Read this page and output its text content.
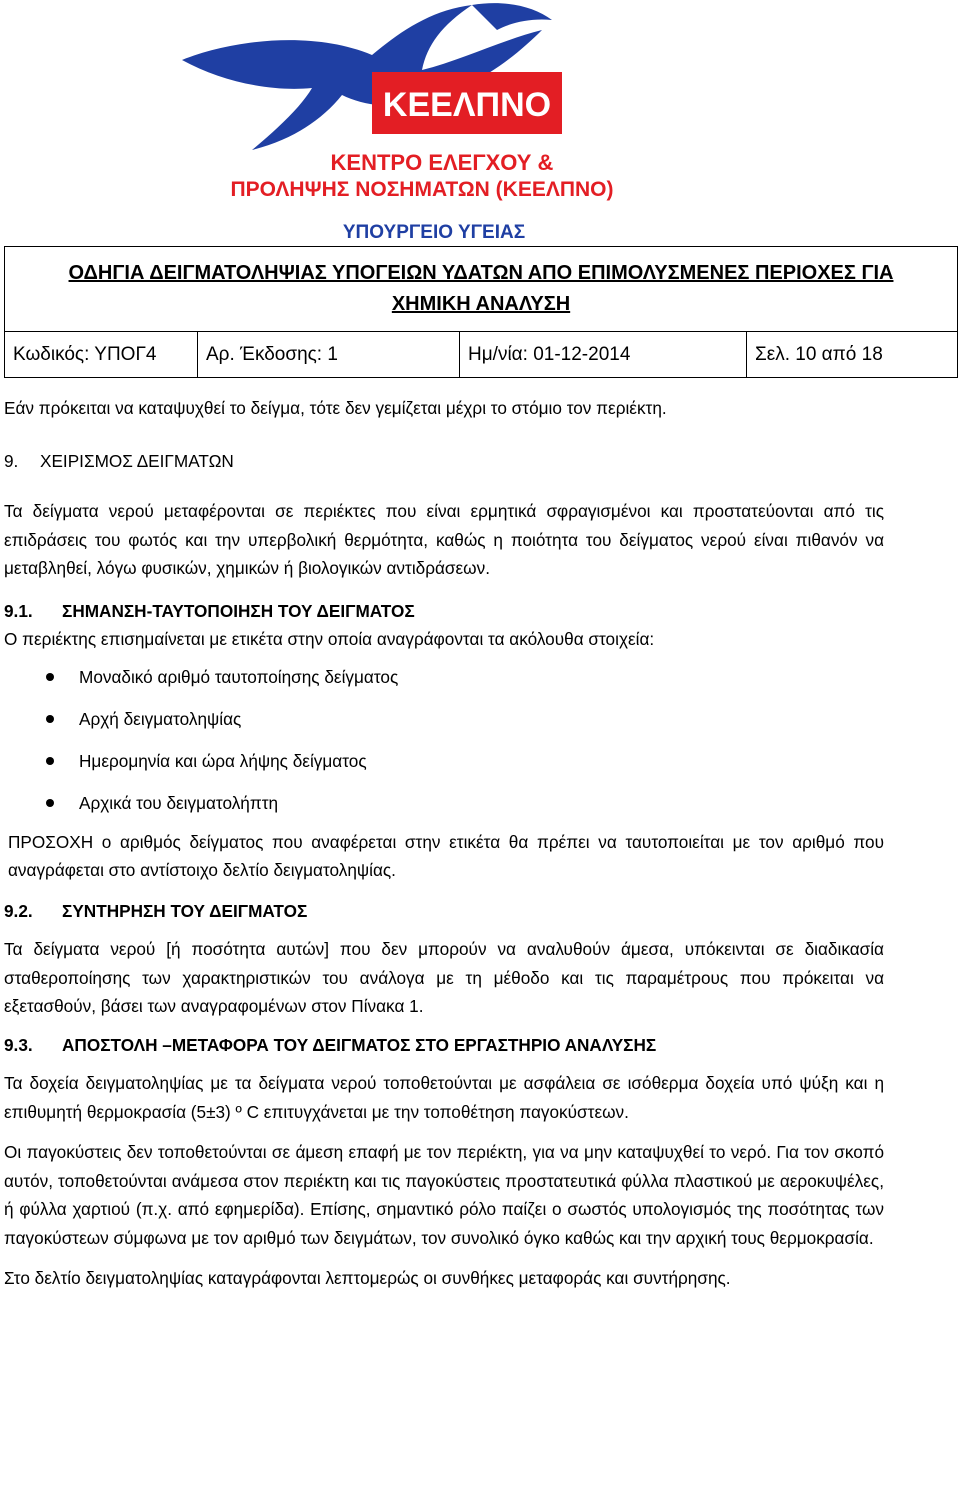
ΚΕΕΛΠΝΟ
ΚΕΝΤΡΟ ΕΛΕΓΧΟΥ &
ΠΡΟΛΗΨΗΣ ΝΟΣΗΜΑΤΩΝ (ΚΕΕΛΠΝΟ)
ΥΠΟΥΡΓΕΙΟ ΥΓΕΙΑΣ
ΟΔΗΓΙΑ ΔΕΙΓΜΑΤΟΛΗΨΙΑΣ ΥΠΟΓΕΙΩΝ ΥΔΑΤΩΝ ΑΠΟ ΕΠΙΜΟΛΥΣΜΕΝΕΣ ΠΕΡΙΟΧΕΣ ΓΙΑ
ΧΗΜΙΚΗ ΑΝΑΛΥΣΗ

Κωδικός: ΥΠΟΓ4	Αρ. Έκδοσης: 1	Ημ/νία: 01-12-2014	Σελ. 10 από 18

Εάν πρόκειται να καταψυχθεί το δείγμα, τότε δεν γεμίζεται μέχρι το στόμιο τον περιέκτη.

9. ΧΕΙΡΙΣΜΟΣ ΔΕΙΓΜΑΤΩΝ

Τα δείγματα νερού μεταφέρονται σε περιέκτες που είναι ερμητικά σφραγισμένοι και προστατεύονται από τις επιδράσεις του φωτός και την υπερβολική θερμότητα, καθώς η ποιότητα του δείγματος νερού είναι πιθανόν να μεταβληθεί, λόγω φυσικών, χημικών ή βιολογικών αντιδράσεων.

9.1. ΣΗΜΑΝΣΗ-ΤΑΥΤΟΠΟΙΗΣΗ ΤΟΥ ΔΕΙΓΜΑΤΟΣ

Ο περιέκτης επισημαίνεται με ετικέτα στην οποία αναγράφονται τα ακόλουθα στοιχεία:

Μοναδικό αριθμό ταυτοποίησης δείγματος
Αρχή δειγματοληψίας
Ημερομηνία και ώρα λήψης δείγματος
Αρχικά του δειγματολήπτη

ΠΡΟΣΟΧΗ ο αριθμός δείγματος που αναφέρεται στην ετικέτα θα πρέπει να ταυτοποιείται με τον αριθμό που αναγράφεται στο αντίστοιχο δελτίο δειγματοληψίας.

9.2. ΣΥΝΤΗΡΗΣΗ ΤΟΥ ΔΕΙΓΜΑΤΟΣ

Τα δείγματα νερού [ή ποσότητα αυτών] που δεν μπορούν να αναλυθούν άμεσα, υπόκεινται σε διαδικασία σταθεροποίησης των χαρακτηριστικών του ανάλογα με τη μέθοδο και τις παραμέτρους που πρόκειται να εξετασθούν, βάσει των αναγραφομένων στον Πίνακα 1.

9.3. ΑΠΟΣΤΟΛΗ –ΜΕΤΑΦΟΡΑ ΤΟΥ ΔΕΙΓΜΑΤΟΣ ΣΤΟ ΕΡΓΑΣΤΗΡΙΟ ΑΝΑΛΥΣΗΣ

Τα δοχεία δειγματοληψίας με τα δείγματα νερού τοποθετούνται με ασφάλεια σε ισόθερμα δοχεία υπό ψύξη και η επιθυμητή θερμοκρασία (5±3) º C επιτυγχάνεται με την τοποθέτηση παγοκύστεων.

Οι παγοκύστεις δεν τοποθετούνται σε άμεση επαφή με τον περιέκτη, για να μην καταψυχθεί το νερό. Για τον σκοπό αυτόν, τοποθετούνται ανάμεσα στον περιέκτη και τις παγοκύστεις προστατευτικά φύλλα πλαστικού με αεροκυψέλες, ή φύλλα χαρτιού (π.χ. από εφημερίδα). Επίσης, σημαντικό ρόλο παίζει ο σωστός υπολογισμός της ποσότητας των παγοκύστεων σύμφωνα με τον αριθμό των δειγμάτων, τον συνολικό όγκο καθώς και την αρχική τους θερμοκρασία.

Στο δελτίο δειγματοληψίας καταγράφονται λεπτομερώς οι συνθήκες μεταφοράς και συντήρησης.
